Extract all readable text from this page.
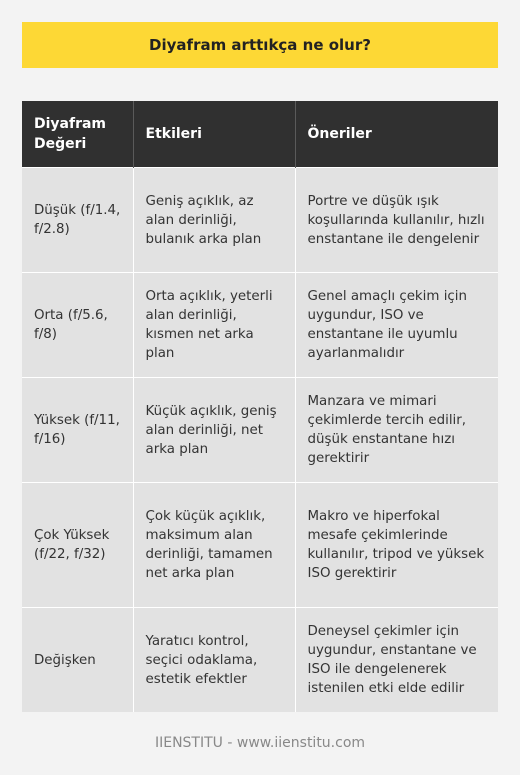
Diyafram arttıkça ne olur?
Diyafram Değeri	Etkileri	Öneriler
Düşük (f/1.4, f/2.8)	Geniş açıklık, az alan derinliği, bulanık arka plan	Portre ve düşük ışık koşullarında kullanılır, hızlı enstantane ile dengelenir
Orta (f/5.6, f/8)	Orta açıklık, yeterli alan derinliği, kısmen net arka plan	Genel amaçlı çekim için uygundur, ISO ve enstantane ile uyumlu ayarlanmalıdır
Yüksek (f/11, f/16)	Küçük açıklık, geniş alan derinliği, net arka plan	Manzara ve mimari çekimlerde tercih edilir, düşük enstantane hızı gerektirir
Çok Yüksek (f/22, f/32)	Çok küçük açıklık, maksimum alan derinliği, tamamen net arka plan	Makro ve hiperfokal mesafe çekimlerinde kullanılır, tripod ve yüksek ISO gerektirir
Değişken	Yaratıcı kontrol, seçici odaklama, estetik efektler	Deneysel çekimler için uygundur, enstantane ve ISO ile dengelenerek istenilen etki elde edilir
IIENSTITU - www.iienstitu.com
